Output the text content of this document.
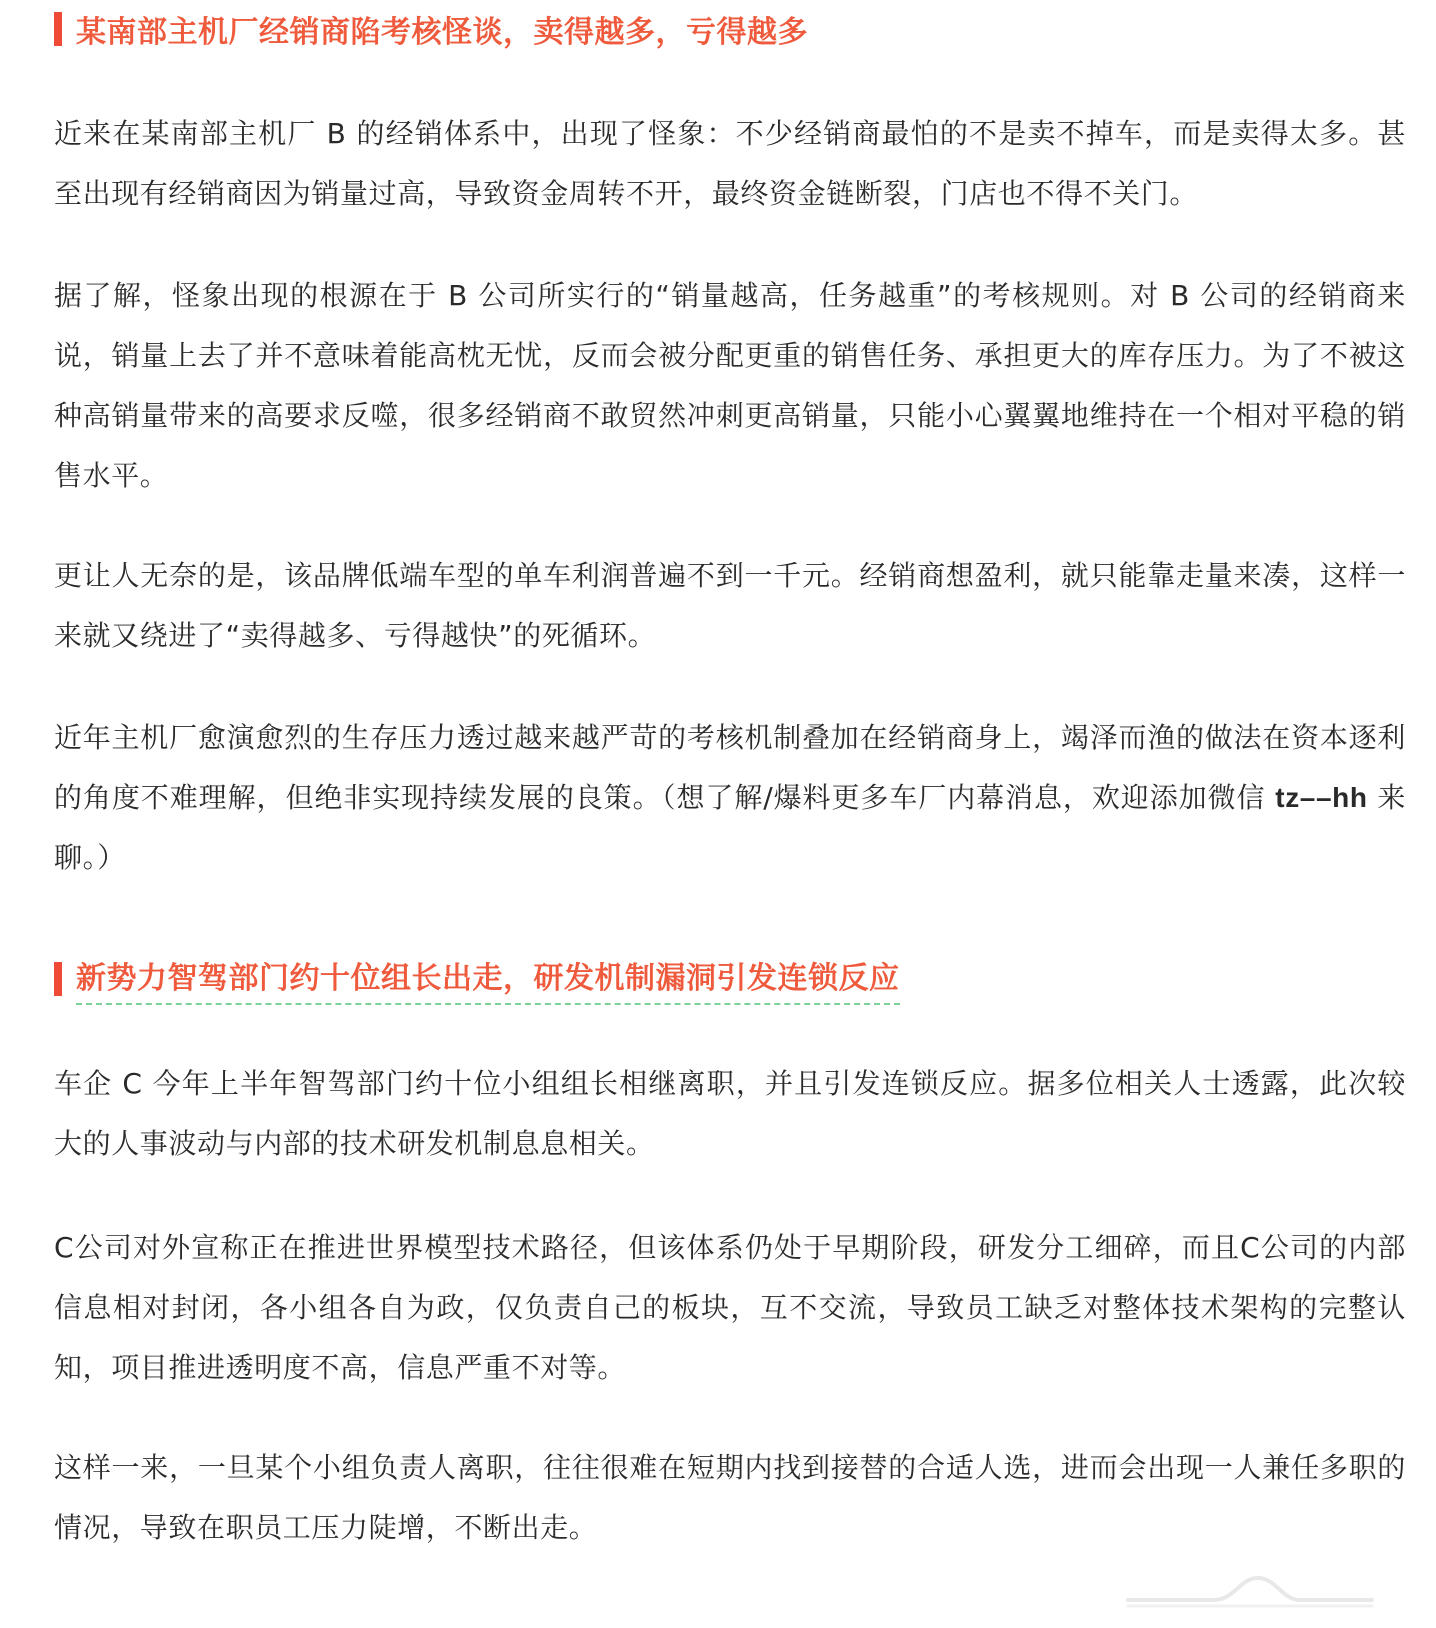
某南部主机厂经销商陷考核怪谈，卖得越多，亏得越多

近来在某南部主机厂 B 的经销体系中，出现了怪象：不少经销商最怕的不是卖不掉车，而是卖得太多。甚至出现有经销商因为销量过高，导致资金周转不开，最终资金链断裂，门店也不得不关门。

据了解，怪象出现的根源在于 B 公司所实行的“销量越高，任务越重”的考核规则。对 B 公司的经销商来说，销量上去了并不意味着能高枕无忧，反而会被分配更重的销售任务、承担更大的库存压力。为了不被这种高销量带来的高要求反噬，很多经销商不敢贸然冲刺更高销量，只能小心翼翼地维持在一个相对平稳的销售水平。

更让人无奈的是，该品牌低端车型的单车利润普遍不到一千元。经销商想盈利，就只能靠走量来凑，这样一来就又绕进了“卖得越多、亏得越快”的死循环。

近年主机厂愈演愈烈的生存压力透过越来越严苛的考核机制叠加在经销商身上，竭泽而渔的做法在资本逐利的角度不难理解，但绝非实现持续发展的良策。（想了解/爆料更多车厂内幕消息，欢迎添加微信 tz––hh 来聊。）

新势力智驾部门约十位组长出走，研发机制漏洞引发连锁反应

车企 C 今年上半年智驾部门约十位小组组长相继离职，并且引发连锁反应。据多位相关人士透露，此次较大的人事波动与内部的技术研发机制息息相关。

C公司对外宣称正在推进世界模型技术路径，但该体系仍处于早期阶段，研发分工细碎，而且C公司的内部信息相对封闭，各小组各自为政，仅负责自己的板块，互不交流，导致员工缺乏对整体技术架构的完整认知，项目推进透明度不高，信息严重不对等。

这样一来，一旦某个小组负责人离职，往往很难在短期内找到接替的合适人选，进而会出现一人兼任多职的情况，导致在职员工压力陡增，不断出走。
